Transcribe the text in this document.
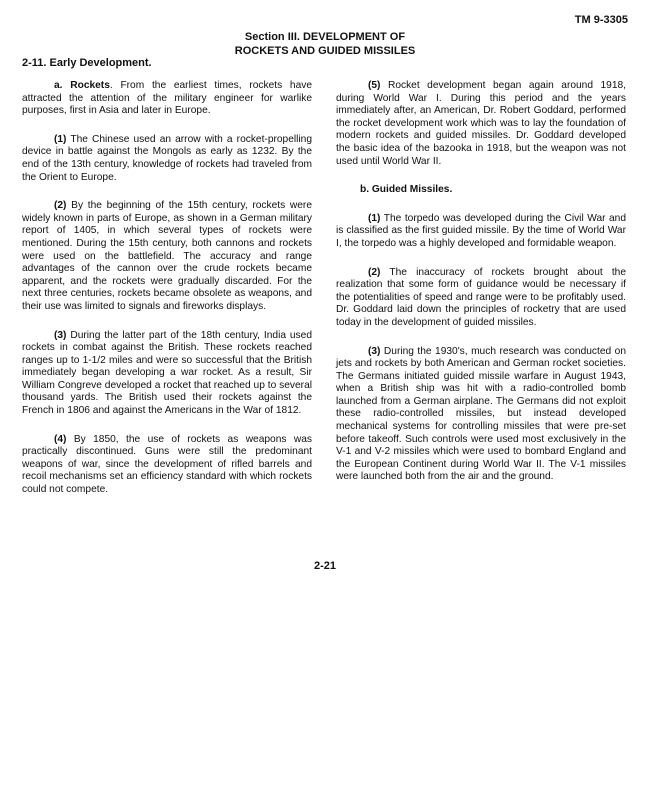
TM 9-3305
Section III. DEVELOPMENT OF
ROCKETS AND GUIDED MISSILES
2-11. Early Development.

a. Rockets. From the earliest times, rockets have attracted the attention of the military engineer for warlike purposes, first in Asia and later in Europe.

(1) The Chinese used an arrow with a rocket-propelling device in battle against the Mongols as early as 1232. By the end of the 13th century, knowledge of rockets had traveled from the Orient to Europe.

(2) By the beginning of the 15th century, rockets were widely known in parts of Europe, as shown in a German military report of 1405, in which several types of rockets were mentioned. During the 15th century, both cannons and rockets were used on the battlefield. The accuracy and range advantages of the cannon over the crude rockets became apparent, and the rockets were gradually discarded. For the next three centuries, rockets became obsolete as weapons, and their use was limited to signals and fireworks displays.

(3) During the latter part of the 18th century, India used rockets in combat against the British. These rockets reached ranges up to 1-1/2 miles and were so successful that the British immediately began developing a war rocket. As a result, Sir William Congreve developed a rocket that reached up to several thousand yards. The British used their rockets against the French in 1806 and against the Americans in the War of 1812.

(4) By 1850, the use of rockets as weapons was practically discontinued. Guns were still the predominant weapons of war, since the development of rifled barrels and recoil mechanisms set an efficiency standard with which rockets could not compete.

(5) Rocket development began again around 1918, during World War I. During this period and the years immediately after, an American, Dr. Robert Goddard, performed the rocket development work which was to lay the foundation of modern rockets and guided missiles. Dr. Goddard developed the basic idea of the bazooka in 1918, but the weapon was not used until World War II.

b. Guided Missiles.

(1) The torpedo was developed during the Civil War and is classified as the first guided missile. By the time of World War I, the torpedo was a highly developed and formidable weapon.

(2) The inaccuracy of rockets brought about the realization that some form of guidance would be necessary if the potentialities of speed and range were to be profitably used. Dr. Goddard laid down the principles of rocketry that are used today in the development of guided missiles.

(3) During the 1930's, much research was conducted on jets and rockets by both American and German rocket societies. The Germans initiated guided missile warfare in August 1943, when a British ship was hit with a radio-controlled bomb launched from a German airplane. The Germans did not exploit these radio-controlled missiles, but instead developed mechanical systems for controlling missiles that were pre-set before takeoff. Such controls were used most exclusively in the V-1 and V-2 missiles which were used to bombard England and the European Continent during World War II. The V-1 missiles were launched both from the air and the ground.

2-21
